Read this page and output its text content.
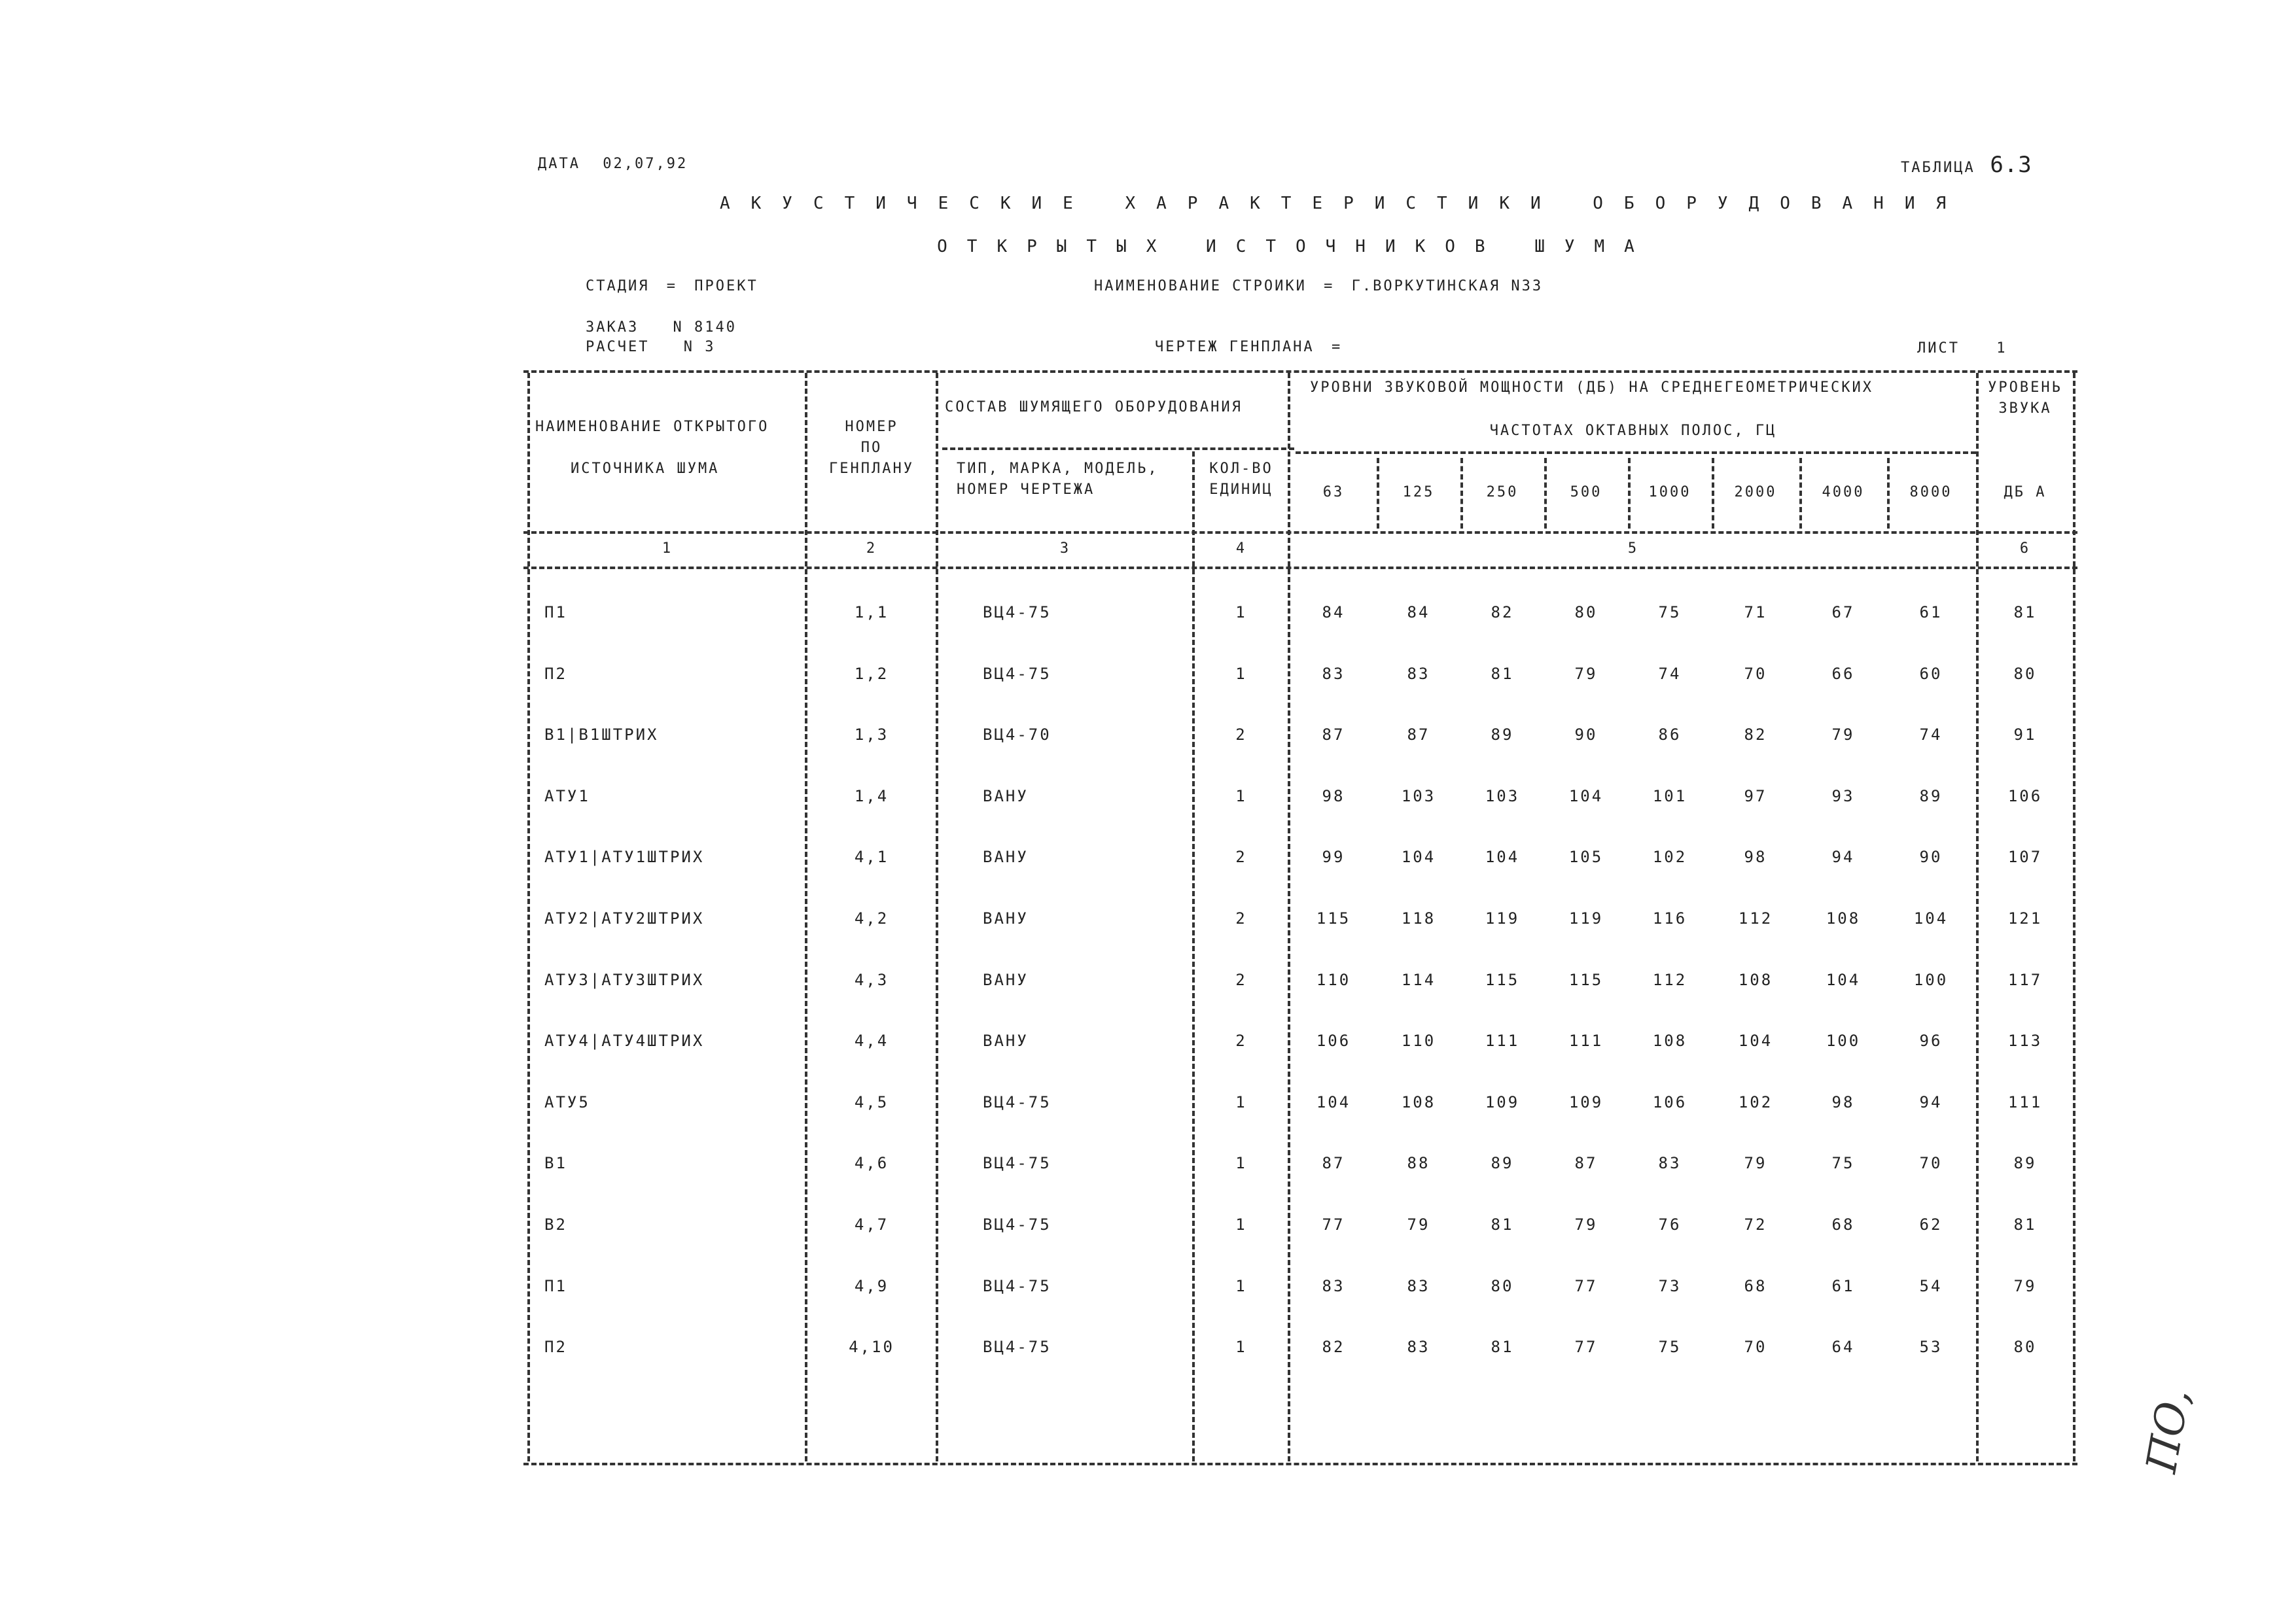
ДАТА 02,07,92	ТАБЛИЦА 6.3
АКУСТИЧЕСКИЕ ХАРАКТЕРИСТИКИ ОБОРУДОВАНИЯ
ОТКРЫТЫХ ИСТОЧНИКОВ ШУМА
СТАДИЯ = ПРОЕКТ	НАИМЕНОВАНИЕ СТРОИКИ = Г.ВОРКУТИНСКАЯ N33
ЗАКАЗ N 8140
РАСЧЕТ N 3	ЧЕРТЕЖ ГЕНПЛАНА =	ЛИСТ	1
НАИМЕНОВАНИЕ ОТКРЫТОГО
ИСТОЧНИКА ШУМА
НОМЕР
ПО
ГЕНПЛАНУ
СОСТАВ ШУМЯЩЕГО ОБОРУДОВАНИЯ
ТИП, МАРКА, МОДЕЛЬ,
НОМЕР ЧЕРТЕЖА
КОЛ-ВО
ЕДИНИЦ
УРОВНИ ЗВУКОВОЙ МОЩНОСТИ (ДБ) НА СРЕДНЕГЕОМЕТРИЧЕСКИХ
ЧАСТОТАХ ОКТАВНЫХ ПОЛОС, ГЦ
63	125	250	500	1000	2000	4000	8000
УРОВЕНЬ
ЗВУКА
ДБ А
1	2	3	4	5	6
П1	1,1	ВЦ4-75	1	84	84	82	80	75	71	67	61	81
П2	1,2	ВЦ4-75	1	83	83	81	79	74	70	66	60	80
В1|В1ШТРИХ	1,3	ВЦ4-70	2	87	87	89	90	86	82	79	74	91
АТУ1	1,4	ВАНУ	1	98	103	103	104	101	97	93	89	106
АТУ1|АТУ1ШТРИХ	4,1	ВАНУ	2	99	104	104	105	102	98	94	90	107
АТУ2|АТУ2ШТРИХ	4,2	ВАНУ	2	115	118	119	119	116	112	108	104	121
АТУ3|АТУ3ШТРИХ	4,3	ВАНУ	2	110	114	115	115	112	108	104	100	117
АТУ4|АТУ4ШТРИХ	4,4	ВАНУ	2	106	110	111	111	108	104	100	96	113
АТУ5	4,5	ВЦ4-75	1	104	108	109	109	106	102	98	94	111
В1	4,6	ВЦ4-75	1	87	88	89	87	83	79	75	70	89
В2	4,7	ВЦ4-75	1	77	79	81	79	76	72	68	62	81
П1	4,9	ВЦ4-75	1	83	83	80	77	73	68	61	54	79
П2	4,10	ВЦ4-75	1	82	83	81	77	75	70	64	53	80
ПО,
